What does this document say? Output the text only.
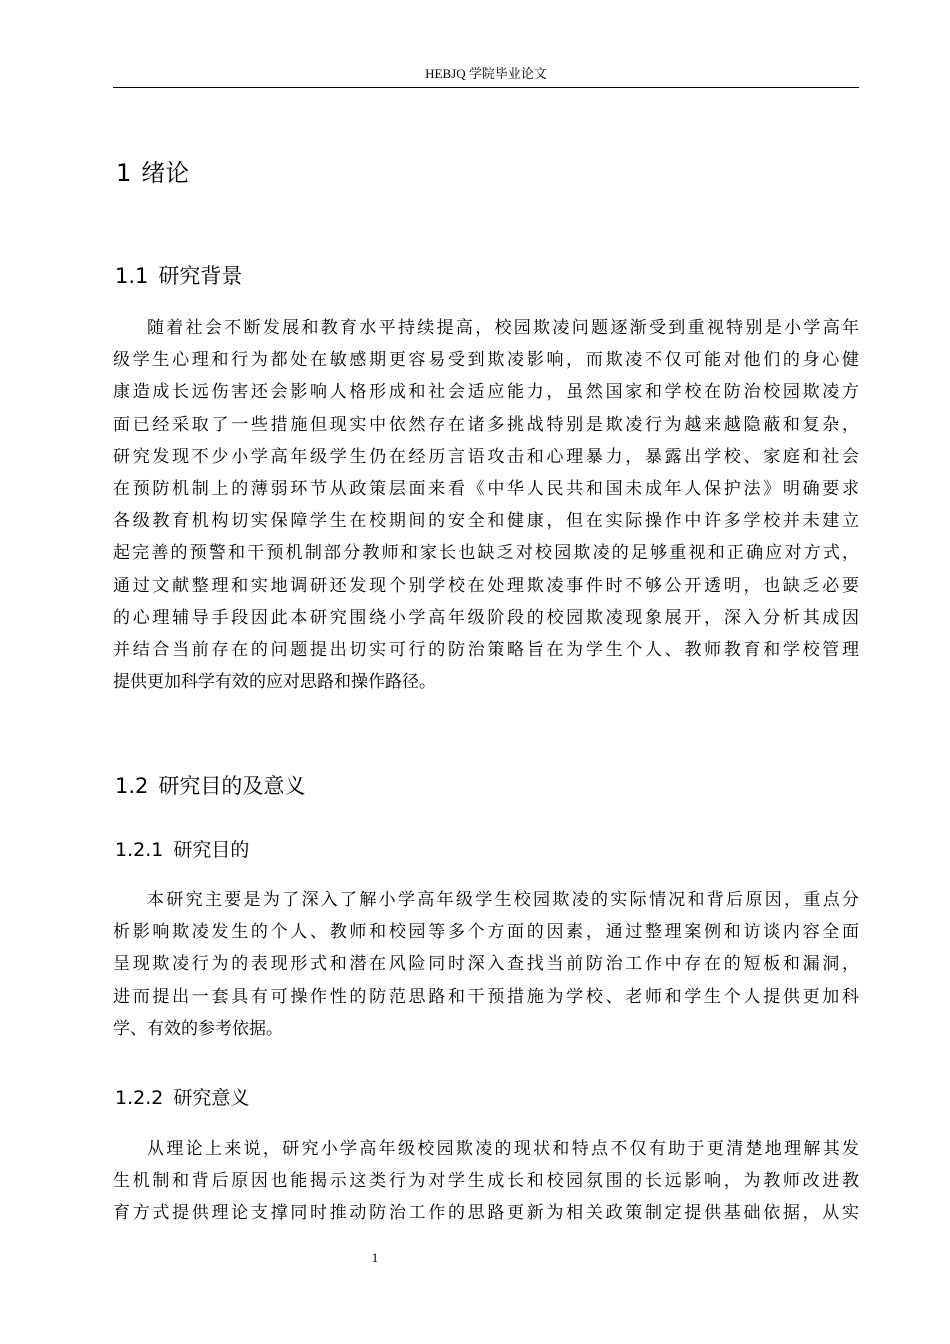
HEBJQ 学院毕业论文
1 绪论
1.1 研究背景
随着社会不断发展和教育水平持续提高，校园欺凌问题逐渐受到重视特别是小学高年
级学生心理和行为都处在敏感期更容易受到欺凌影响，而欺凌不仅可能对他们的身心健
康造成长远伤害还会影响人格形成和社会适应能力，虽然国家和学校在防治校园欺凌方
面已经采取了一些措施但现实中依然存在诸多挑战特别是欺凌行为越来越隐蔽和复杂，
研究发现不少小学高年级学生仍在经历言语攻击和心理暴力，暴露出学校、家庭和社会
在预防机制上的薄弱环节从政策层面来看《中华人民共和国未成年人保护法》明确要求
各级教育机构切实保障学生在校期间的安全和健康，但在实际操作中许多学校并未建立
起完善的预警和干预机制部分教师和家长也缺乏对校园欺凌的足够重视和正确应对方式，
通过文献整理和实地调研还发现个别学校在处理欺凌事件时不够公开透明，也缺乏必要
的心理辅导手段因此本研究围绕小学高年级阶段的校园欺凌现象展开，深入分析其成因
并结合当前存在的问题提出切实可行的防治策略旨在为学生个人、教师教育和学校管理
提供更加科学有效的应对思路和操作路径。
1.2 研究目的及意义
1.2.1 研究目的
本研究主要是为了深入了解小学高年级学生校园欺凌的实际情况和背后原因，重点分
析影响欺凌发生的个人、教师和校园等多个方面的因素，通过整理案例和访谈内容全面
呈现欺凌行为的表现形式和潜在风险同时深入查找当前防治工作中存在的短板和漏洞，
进而提出一套具有可操作性的防范思路和干预措施为学校、老师和学生个人提供更加科
学、有效的参考依据。
1.2.2 研究意义
从理论上来说，研究小学高年级校园欺凌的现状和特点不仅有助于更清楚地理解其发
生机制和背后原因也能揭示这类行为对学生成长和校园氛围的长远影响，为教师改进教
育方式提供理论支撑同时推动防治工作的思路更新为相关政策制定提供基础依据，从实
1
